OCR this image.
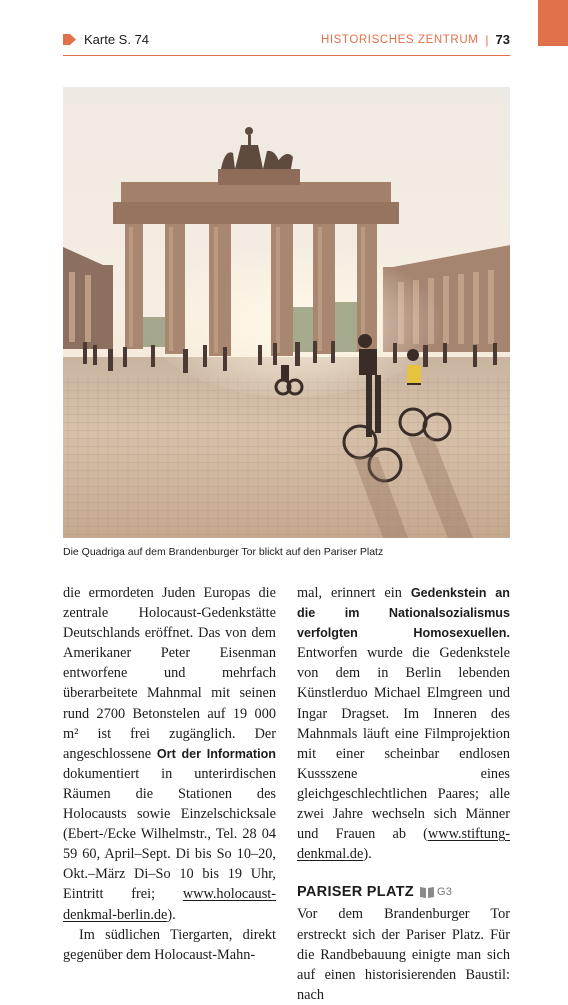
Karte S. 74	HISTORISCHES ZENTRUM | 73
Die Quadriga auf dem Brandenburger Tor blickt auf den Pariser Platz

die ermordeten Juden Europas die zentrale Holocaust-Gedenkstätte Deutschlands eröffnet. Das von dem Amerikaner Peter Eisenman entworfene und mehrfach überarbeitete Mahnmal mit seinen rund 2700 Betonstelen auf 19 000 m² ist frei zugänglich. Der angeschlossene Ort der Information dokumentiert in unterirdischen Räumen die Stationen des Holocausts sowie Einzelschicksale (Ebert-/Ecke Wilhelmstr., Tel. 28 04 59 60, April–Sept. Di bis So 10–20, Okt.–März Di–So 10 bis 19 Uhr, Eintritt frei; www.holocaust-denkmal-berlin.de).

Im südlichen Tiergarten, direkt gegenüber dem Holocaust-Mahn-

mal, erinnert ein Gedenkstein an die im Nationalsozialismus verfolgten Homosexuellen. Entworfen wurde die Gedenkstele von dem in Berlin lebenden Künstlerduo Michael Elmgreen und Ingar Dragset. Im Inneren des Mahnmals läuft eine Filmprojektion mit einer scheinbar endlosen Kussszene eines gleichgeschlechtlichen Paares; alle zwei Jahre wechseln sich Männer und Frauen ab (www.stiftung-denkmal.de).

PARISER PLATZ G3

Vor dem Brandenburger Tor erstreckt sich der Pariser Platz. Für die Randbebauung einigte man sich auf einen historisierenden Baustil: nach
